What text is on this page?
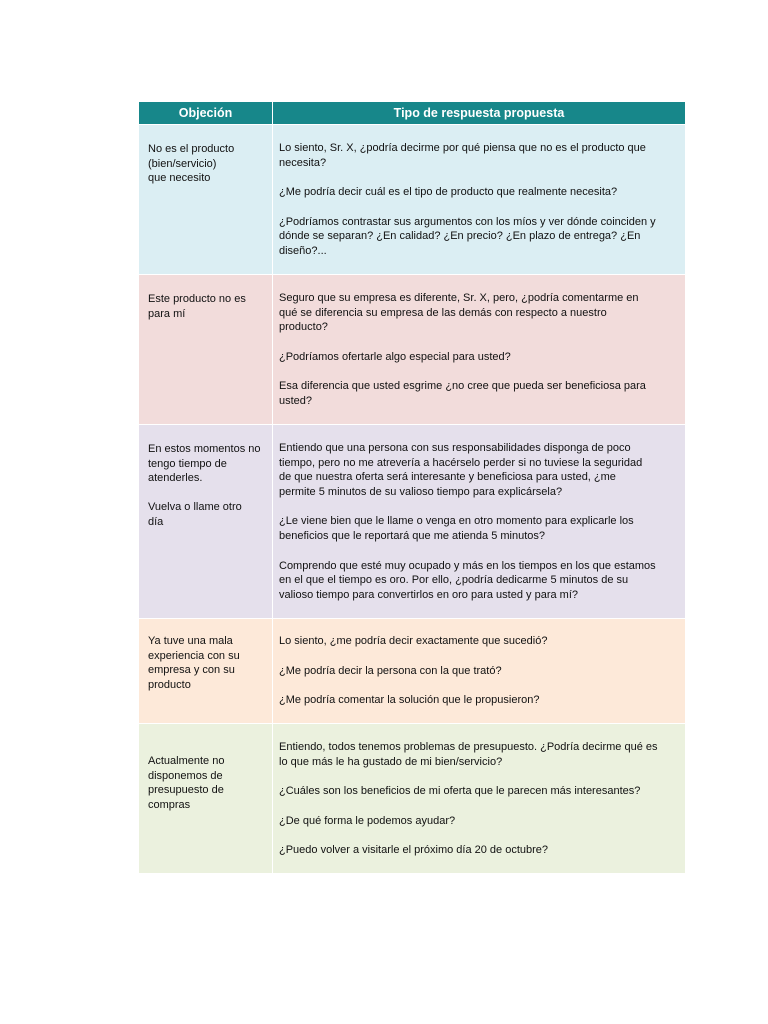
Objeción	Tipo de respuesta propuesta
No es el producto
(bien/servicio)
que necesito
Lo siento, Sr. X, ¿podría decirme por qué piensa que no es el producto que
necesita?
¿Me podría decir cuál es el tipo de producto que realmente necesita?
¿Podríamos contrastar sus argumentos con los míos y ver dónde coinciden y
dónde se separan? ¿En calidad? ¿En precio? ¿En plazo de entrega? ¿En
diseño?...
Este producto no es
para mí
Seguro que su empresa es diferente, Sr. X, pero, ¿podría comentarme en
qué se diferencia su empresa de las demás con respecto a nuestro
producto?
¿Podríamos ofertarle algo especial para usted?
Esa diferencia que usted esgrime ¿no cree que pueda ser beneficiosa para
usted?
En estos momentos no
tengo tiempo de
atenderles.
Vuelva o llame otro
día
Entiendo que una persona con sus responsabilidades disponga de poco
tiempo, pero no me atrevería a hacérselo perder si no tuviese la seguridad
de que nuestra oferta será interesante y beneficiosa para usted, ¿me
permite 5 minutos de su valioso tiempo para explicársela?
¿Le viene bien que le llame o venga en otro momento para explicarle los
beneficios que le reportará que me atienda 5 minutos?
Comprendo que esté muy ocupado y más en los tiempos en los que estamos
en el que el tiempo es oro. Por ello, ¿podría dedicarme 5 minutos de su
valioso tiempo para convertirlos en oro para usted y para mí?
Ya tuve una mala
experiencia con su
empresa y con su
producto
Lo siento, ¿me podría decir exactamente que sucedió?
¿Me podría decir la persona con la que trató?
¿Me podría comentar la solución que le propusieron?
Actualmente no
disponemos de
presupuesto de
compras
Entiendo, todos tenemos problemas de presupuesto. ¿Podría decirme qué es
lo que más le ha gustado de mi bien/servicio?
¿Cuáles son los beneficios de mi oferta que le parecen más interesantes?
¿De qué forma le podemos ayudar?
¿Puedo volver a visitarle el próximo día 20 de octubre?
